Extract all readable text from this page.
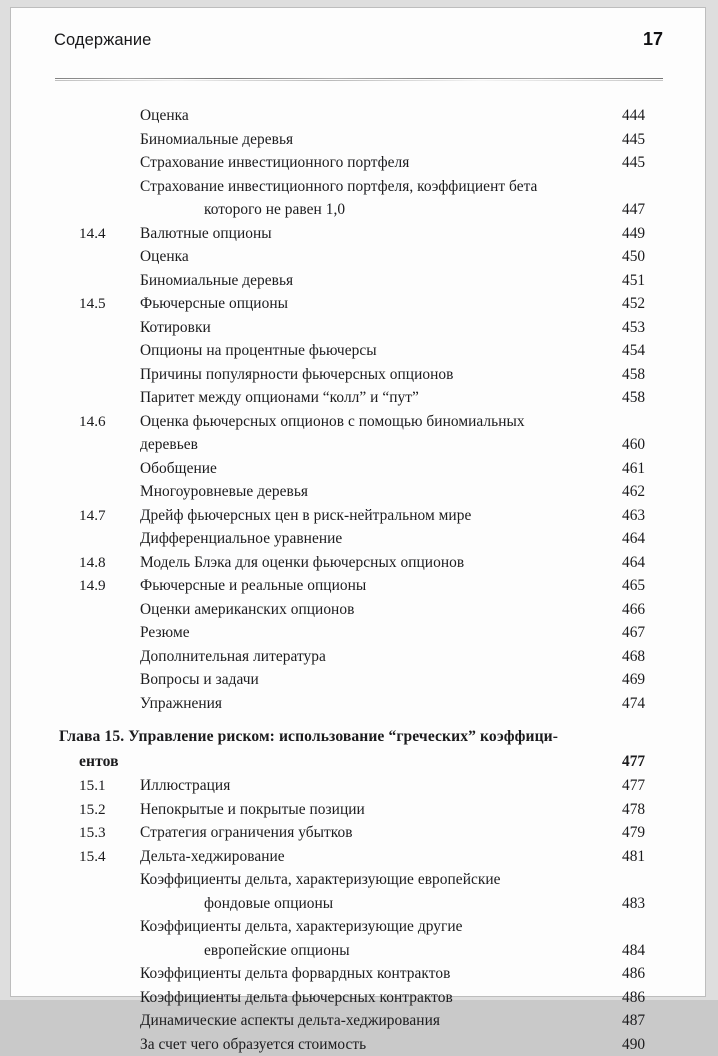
Содержание	17
Оценка	444
Биномиальные деревья	445
Страхование инвестиционного портфеля	445
Страхование инвестиционного портфеля, коэффициент бета
которого не равен 1,0	447
14.4	Валютные опционы	449
Оценка	450
Биномиальные деревья	451
14.5	Фьючерсные опционы	452
Котировки	453
Опционы на процентные фьючерсы	454
Причины популярности фьючерсных опционов	458
Паритет между опционами “колл” и “пут”	458
14.6	Оценка фьючерсных опционов с помощью биномиальных
деревьев	460
Обобщение	461
Многоуровневые деревья	462
14.7	Дрейф фьючерсных цен в риск-нейтральном мире	463
Дифференциальное уравнение	464
14.8	Модель Блэка для оценки фьючерсных опционов	464
14.9	Фьючерсные и реальные опционы	465
Оценки американских опционов	466
Резюме	467
Дополнительная литература	468
Вопросы и задачи	469
Упражнения	474
Глава 15. Управление риском: использование “греческих” коэффици-
ентов	477
15.1	Иллюстрация	477
15.2	Непокрытые и покрытые позиции	478
15.3	Стратегия ограничения убытков	479
15.4	Дельта-хеджирование	481
Коэффициенты дельта, характеризующие европейские
фондовые опционы	483
Коэффициенты дельта, характеризующие другие
европейские опционы	484
Коэффициенты дельта форвардных контрактов	486
Коэффициенты дельта фьючерсных контрактов	486
Динамические аспекты дельта-хеджирования	487
За счет чего образуется стоимость	490
